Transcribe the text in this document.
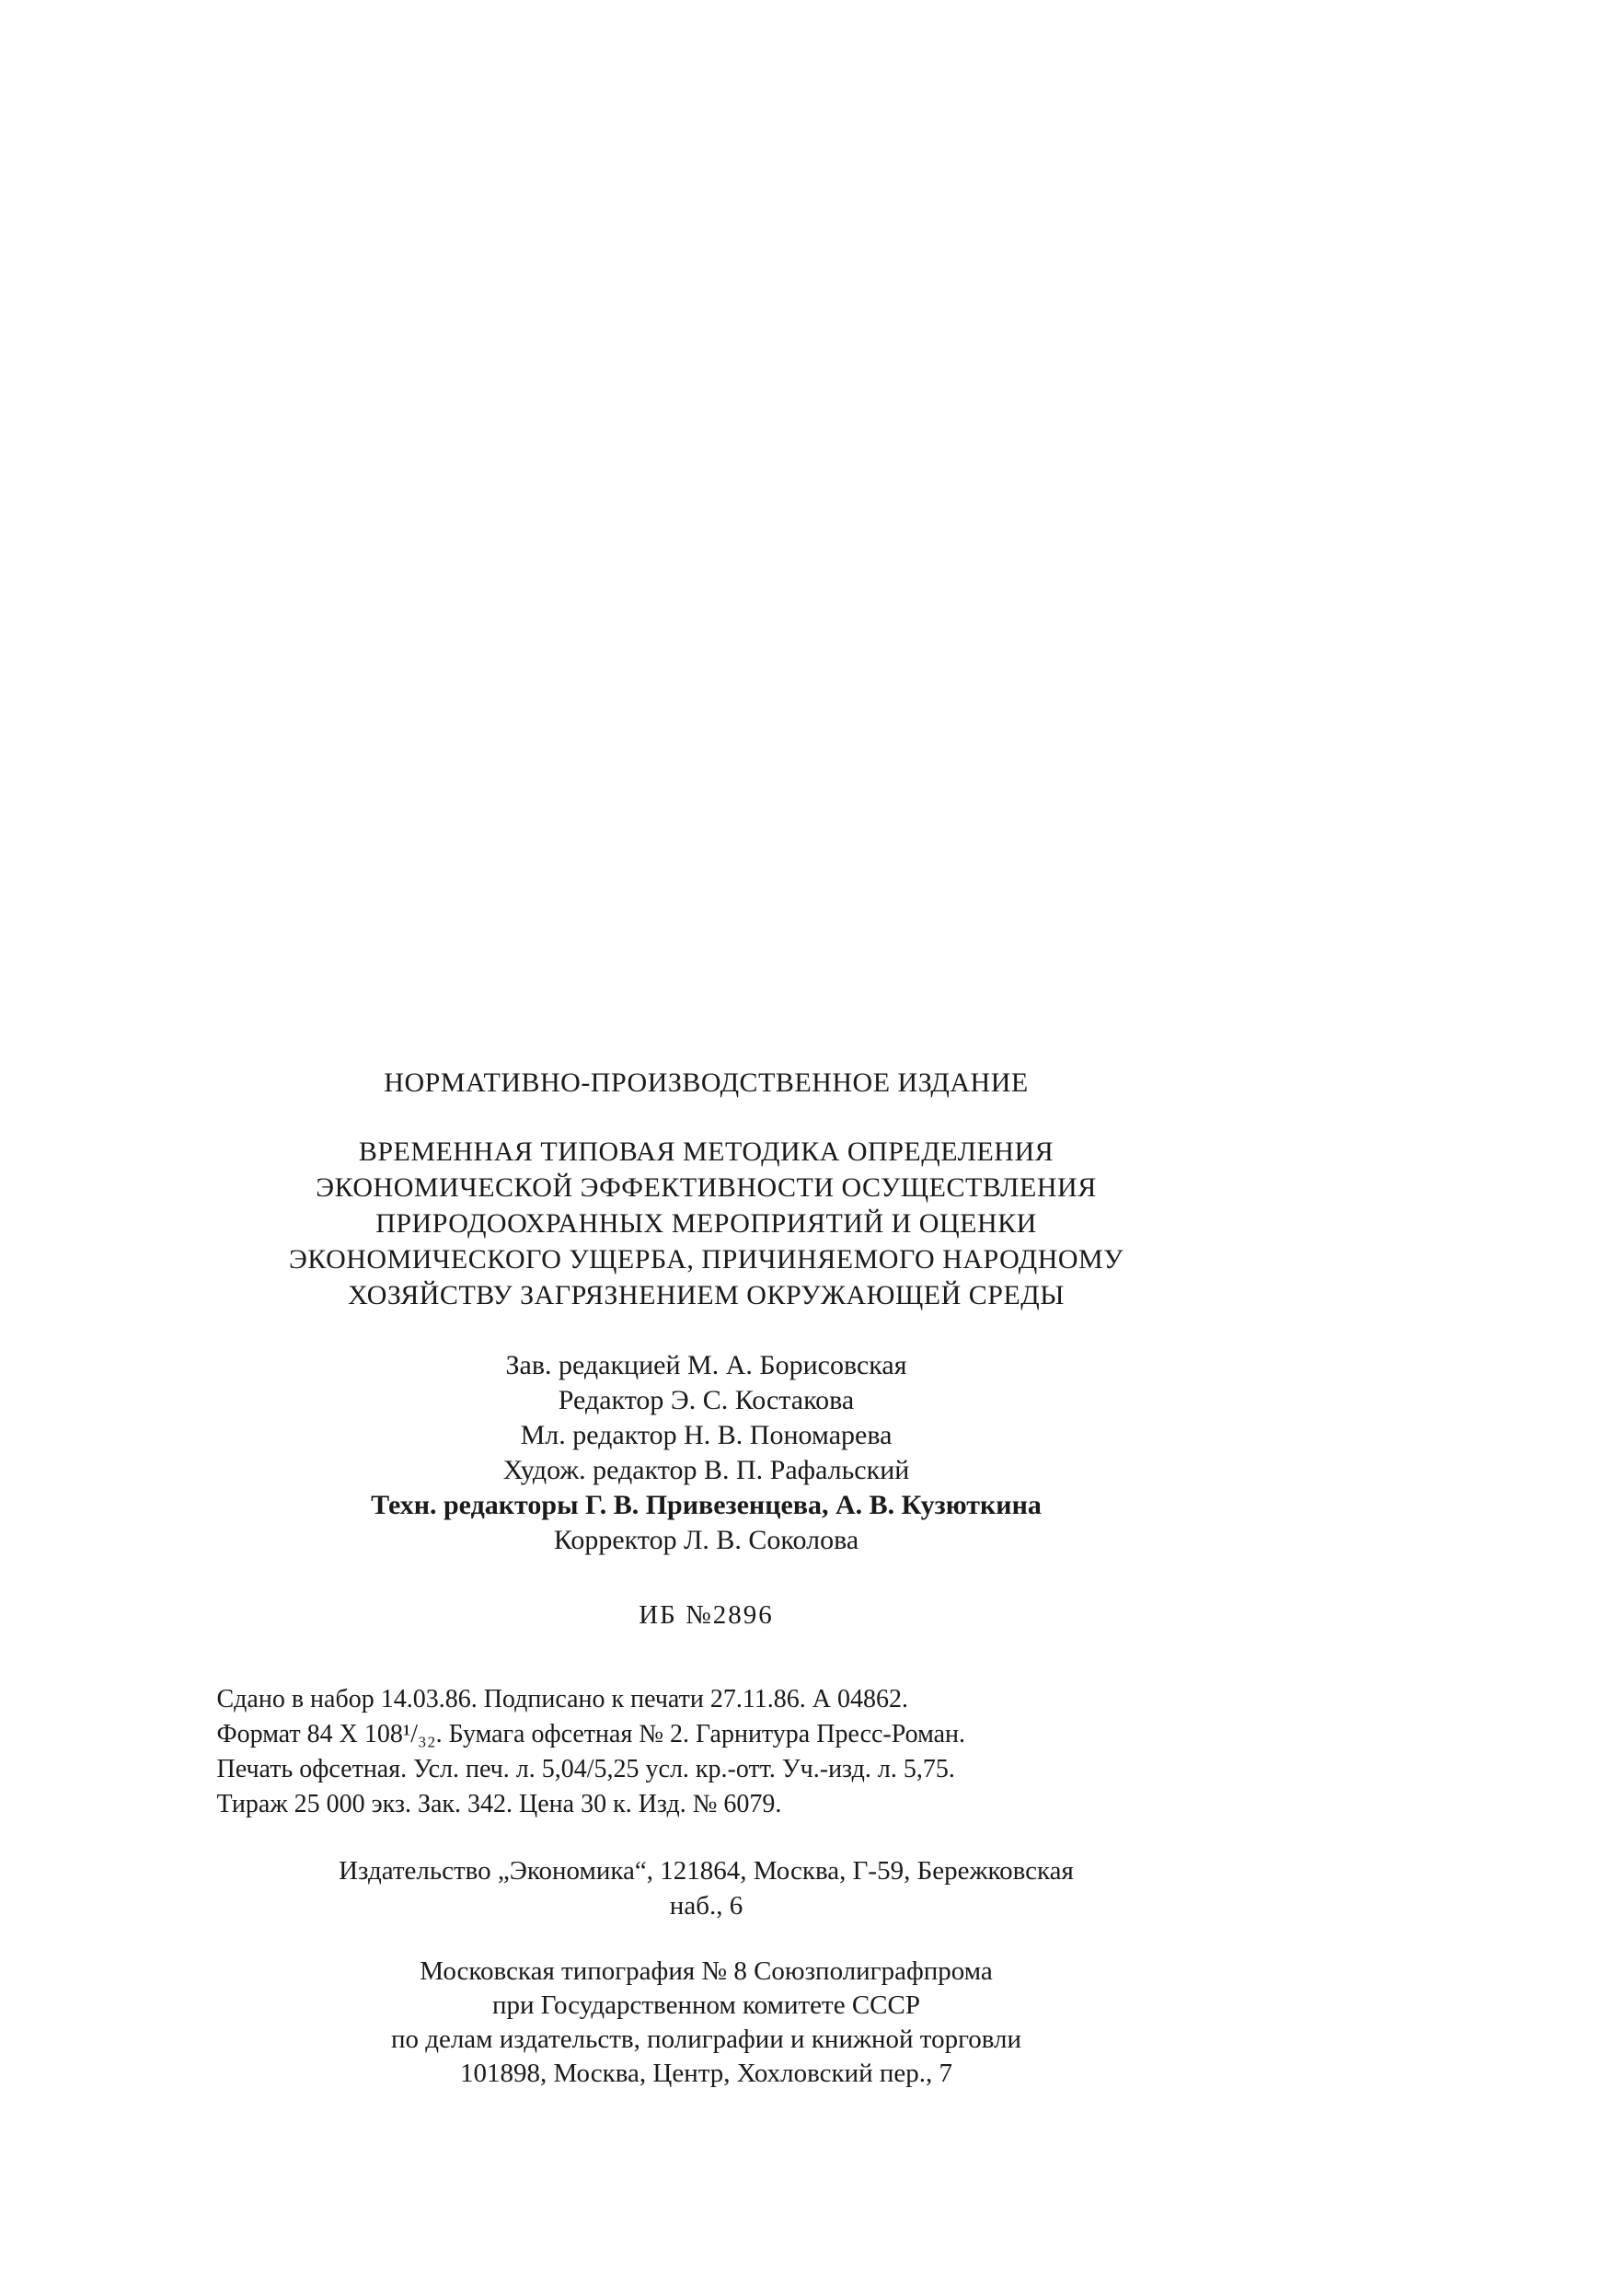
НОРМАТИВНО-ПРОИЗВОДСТВЕННОЕ ИЗДАНИЕ
ВРЕМЕННАЯ ТИПОВАЯ МЕТОДИКА ОПРЕДЕЛЕНИЯ
ЭКОНОМИЧЕСКОЙ ЭФФЕКТИВНОСТИ ОСУЩЕСТВЛЕНИЯ
ПРИРОДООХРАННЫХ МЕРОПРИЯТИЙ И ОЦЕНКИ
ЭКОНОМИЧЕСКОГО УЩЕРБА, ПРИЧИНЯЕМОГО НАРОДНОМУ
ХОЗЯЙСТВУ ЗАГРЯЗНЕНИЕМ ОКРУЖАЮЩЕЙ СРЕДЫ
Зав. редакцией М. А. Борисовская
Редактор Э. С. Костакова
Мл. редактор Н. В. Пономарева
Худож. редактор В. П. Рафальский
Техн. редакторы Г. В. Привезенцева, А. В. Кузюткина
Корректор Л. В. Соколова
ИБ №2896
Сдано в набор 14.03.86. Подписано к печати 27.11.86. А 04862.
Формат 84 X 108¹/₃₂. Бумага офсетная № 2. Гарнитура Пресс-Роман.
Печать офсетная. Усл. печ. л. 5,04/5,25 усл. кр.-отт. Уч.-изд. л. 5,75.
Тираж 25 000 экз. Зак. 342. Цена 30 к. Изд. № 6079.
Издательство „Экономика“, 121864, Москва, Г-59, Бережковская
наб., 6
Московская типография № 8 Союзполиграфпрома
при Государственном комитете СССР
по делам издательств, полиграфии и книжной торговли
101898, Москва, Центр, Хохловский пер., 7
